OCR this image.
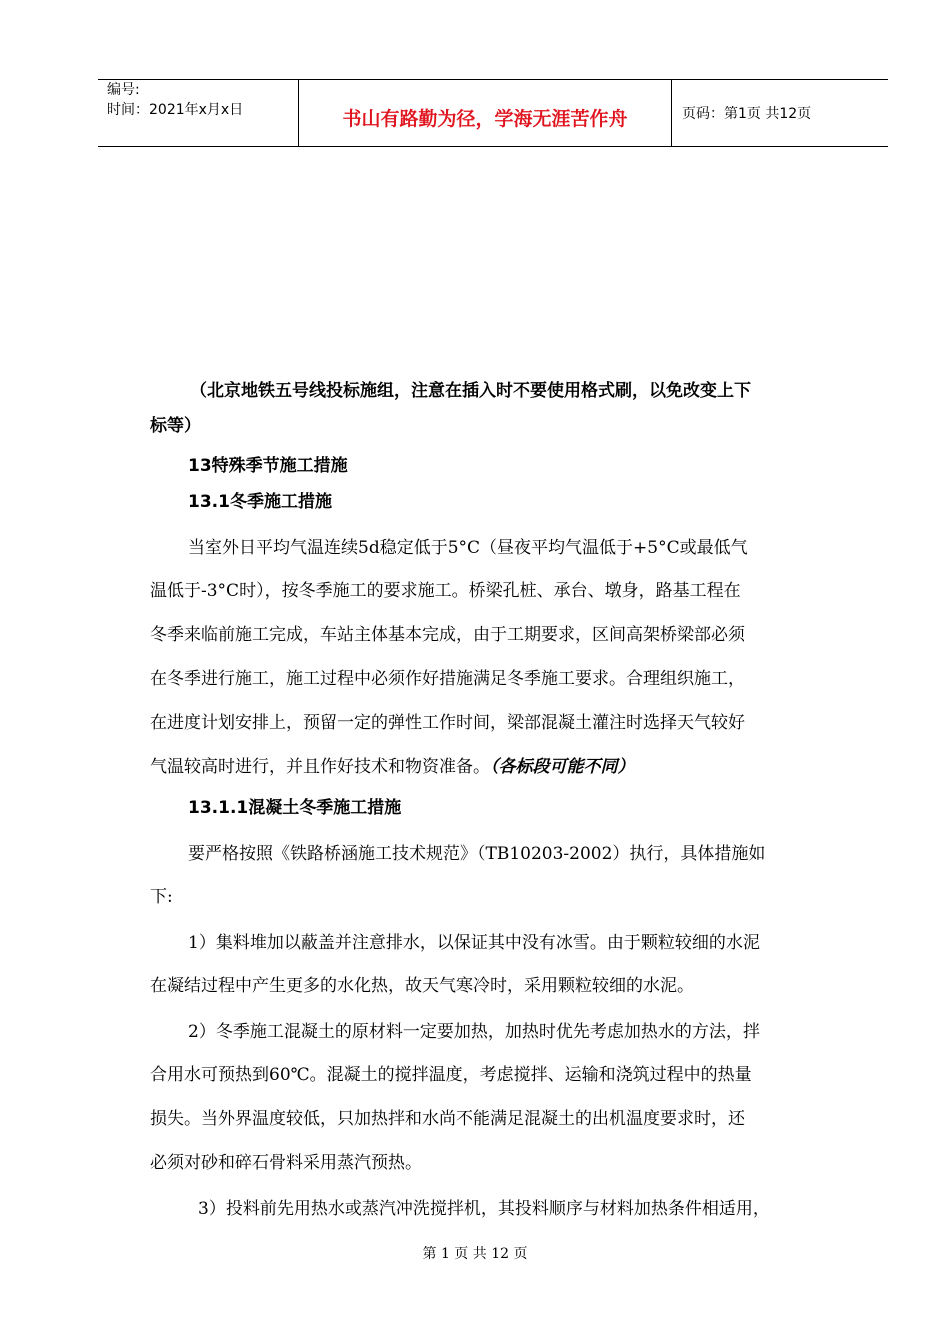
编号:
时间：2021年x月x日	书山有路勤为径，学海无涯苦作舟	页码：第1页 共12页
（北京地铁五号线投标施组，注意在插入时不要使用格式刷，以免改变上下
标等）
13特殊季节施工措施
13.1冬季施工措施
当室外日平均气温连续5d稳定低于5°C（昼夜平均气温低于+5°C或最低气
温低于-3°C时），按冬季施工的要求施工。桥梁孔桩、承台、墩身，路基工程在
冬季来临前施工完成，车站主体基本完成，由于工期要求，区间高架桥梁部必须
在冬季进行施工，施工过程中必须作好措施满足冬季施工要求。合理组织施工，
在进度计划安排上，预留一定的弹性工作时间，梁部混凝土灌注时选择天气较好
气温较高时进行，并且作好技术和物资准备。（各标段可能不同）
13.1.1混凝土冬季施工措施
要严格按照《铁路桥涵施工技术规范》（TB10203-2002）执行，具体措施如
下:
1）集料堆加以蔽盖并注意排水，以保证其中没有冰雪。由于颗粒较细的水泥
在凝结过程中产生更多的水化热，故天气寒冷时，采用颗粒较细的水泥。
2）冬季施工混凝土的原材料一定要加热，加热时优先考虑加热水的方法，拌
合用水可预热到60℃。混凝土的搅拌温度，考虑搅拌、运输和浇筑过程中的热量
损失。当外界温度较低，只加热拌和水尚不能满足混凝土的出机温度要求时，还
必须对砂和碎石骨料采用蒸汽预热。
3）投料前先用热水或蒸汽冲洗搅拌机，其投料顺序与材料加热条件相适用，
第 1 页 共 12 页
